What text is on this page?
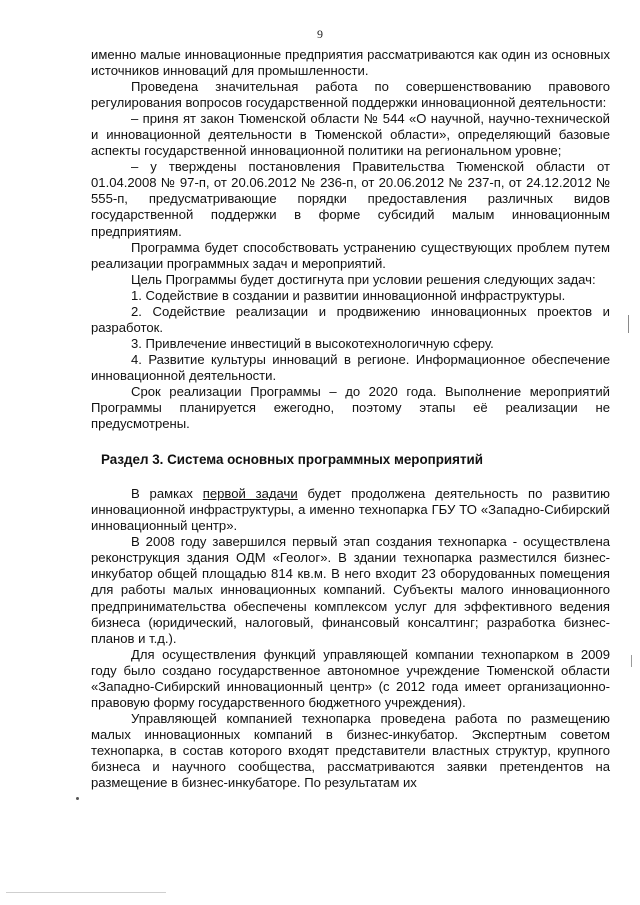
9

именно малые инновационные предприятия рассматриваются как один из основных источников инноваций для промышленности.

Проведена значительная работа по совершенствованию правового регулирования вопросов государственной поддержки инновационной деятельности:

– приня ят закон Тюменской области № 544 «О научной, научно-технической и инновационной деятельности в Тюменской области», определяющий базовые аспекты государственной инновационной политики на региональном уровне;

– у тверждены постановления Правительства Тюменской области от 01.04.2008 № 97-п, от 20.06.2012 № 236-п, от 20.06.2012 № 237-п, от 24.12.2012 № 555-п, предусматривающие порядки предоставления различных видов государственной поддержки в форме субсидий малым инновационным предприятиям.

Программа будет способствовать устранению существующих проблем путем реализации программных задач и мероприятий.

Цель Программы будет достигнута при условии решения следующих задач:

1. Содействие в создании и развитии инновационной инфраструктуры.

2. Содействие реализации и продвижению инновационных проектов и разработок.

3. Привлечение инвестиций в высокотехнологичную сферу.

4. Развитие культуры инноваций в регионе. Информационное обеспечение инновационной деятельности.

Срок реализации Программы – до 2020 года. Выполнение мероприятий Программы планируется ежегодно, поэтому этапы её реализации не предусмотрены.

Раздел 3. Система основных программных мероприятий

В рамках первой задачи будет продолжена деятельность по развитию инновационной инфраструктуры, а именно технопарка ГБУ ТО «Западно-Сибирский инновационный центр».

В 2008 году завершился первый этап создания технопарка - осуществлена реконструкция здания ОДМ «Геолог». В здании технопарка разместился бизнес-инкубатор общей площадью 814 кв.м. В него входит 23 оборудованных помещения для работы малых инновационных компаний. Субъекты малого инновационного предпринимательства обеспечены комплексом услуг для эффективного ведения бизнеса (юридический, налоговый, финансовый консалтинг; разработка бизнес-планов и т.д.).

Для осуществления функций управляющей компании технопарком в 2009 году было создано государственное автономное учреждение Тюменской области «Западно-Сибирский инновационный центр» (с 2012 года имеет организационно-правовую форму государственного бюджетного учреждения).

Управляющей компанией технопарка проведена работа по размещению малых инновационных компаний в бизнес-инкубатор. Экспертным советом технопарка, в состав которого входят представители властных структур, крупного бизнеса и научного сообщества, рассматриваются заявки претендентов на размещение в бизнес-инкубаторе. По результатам их
